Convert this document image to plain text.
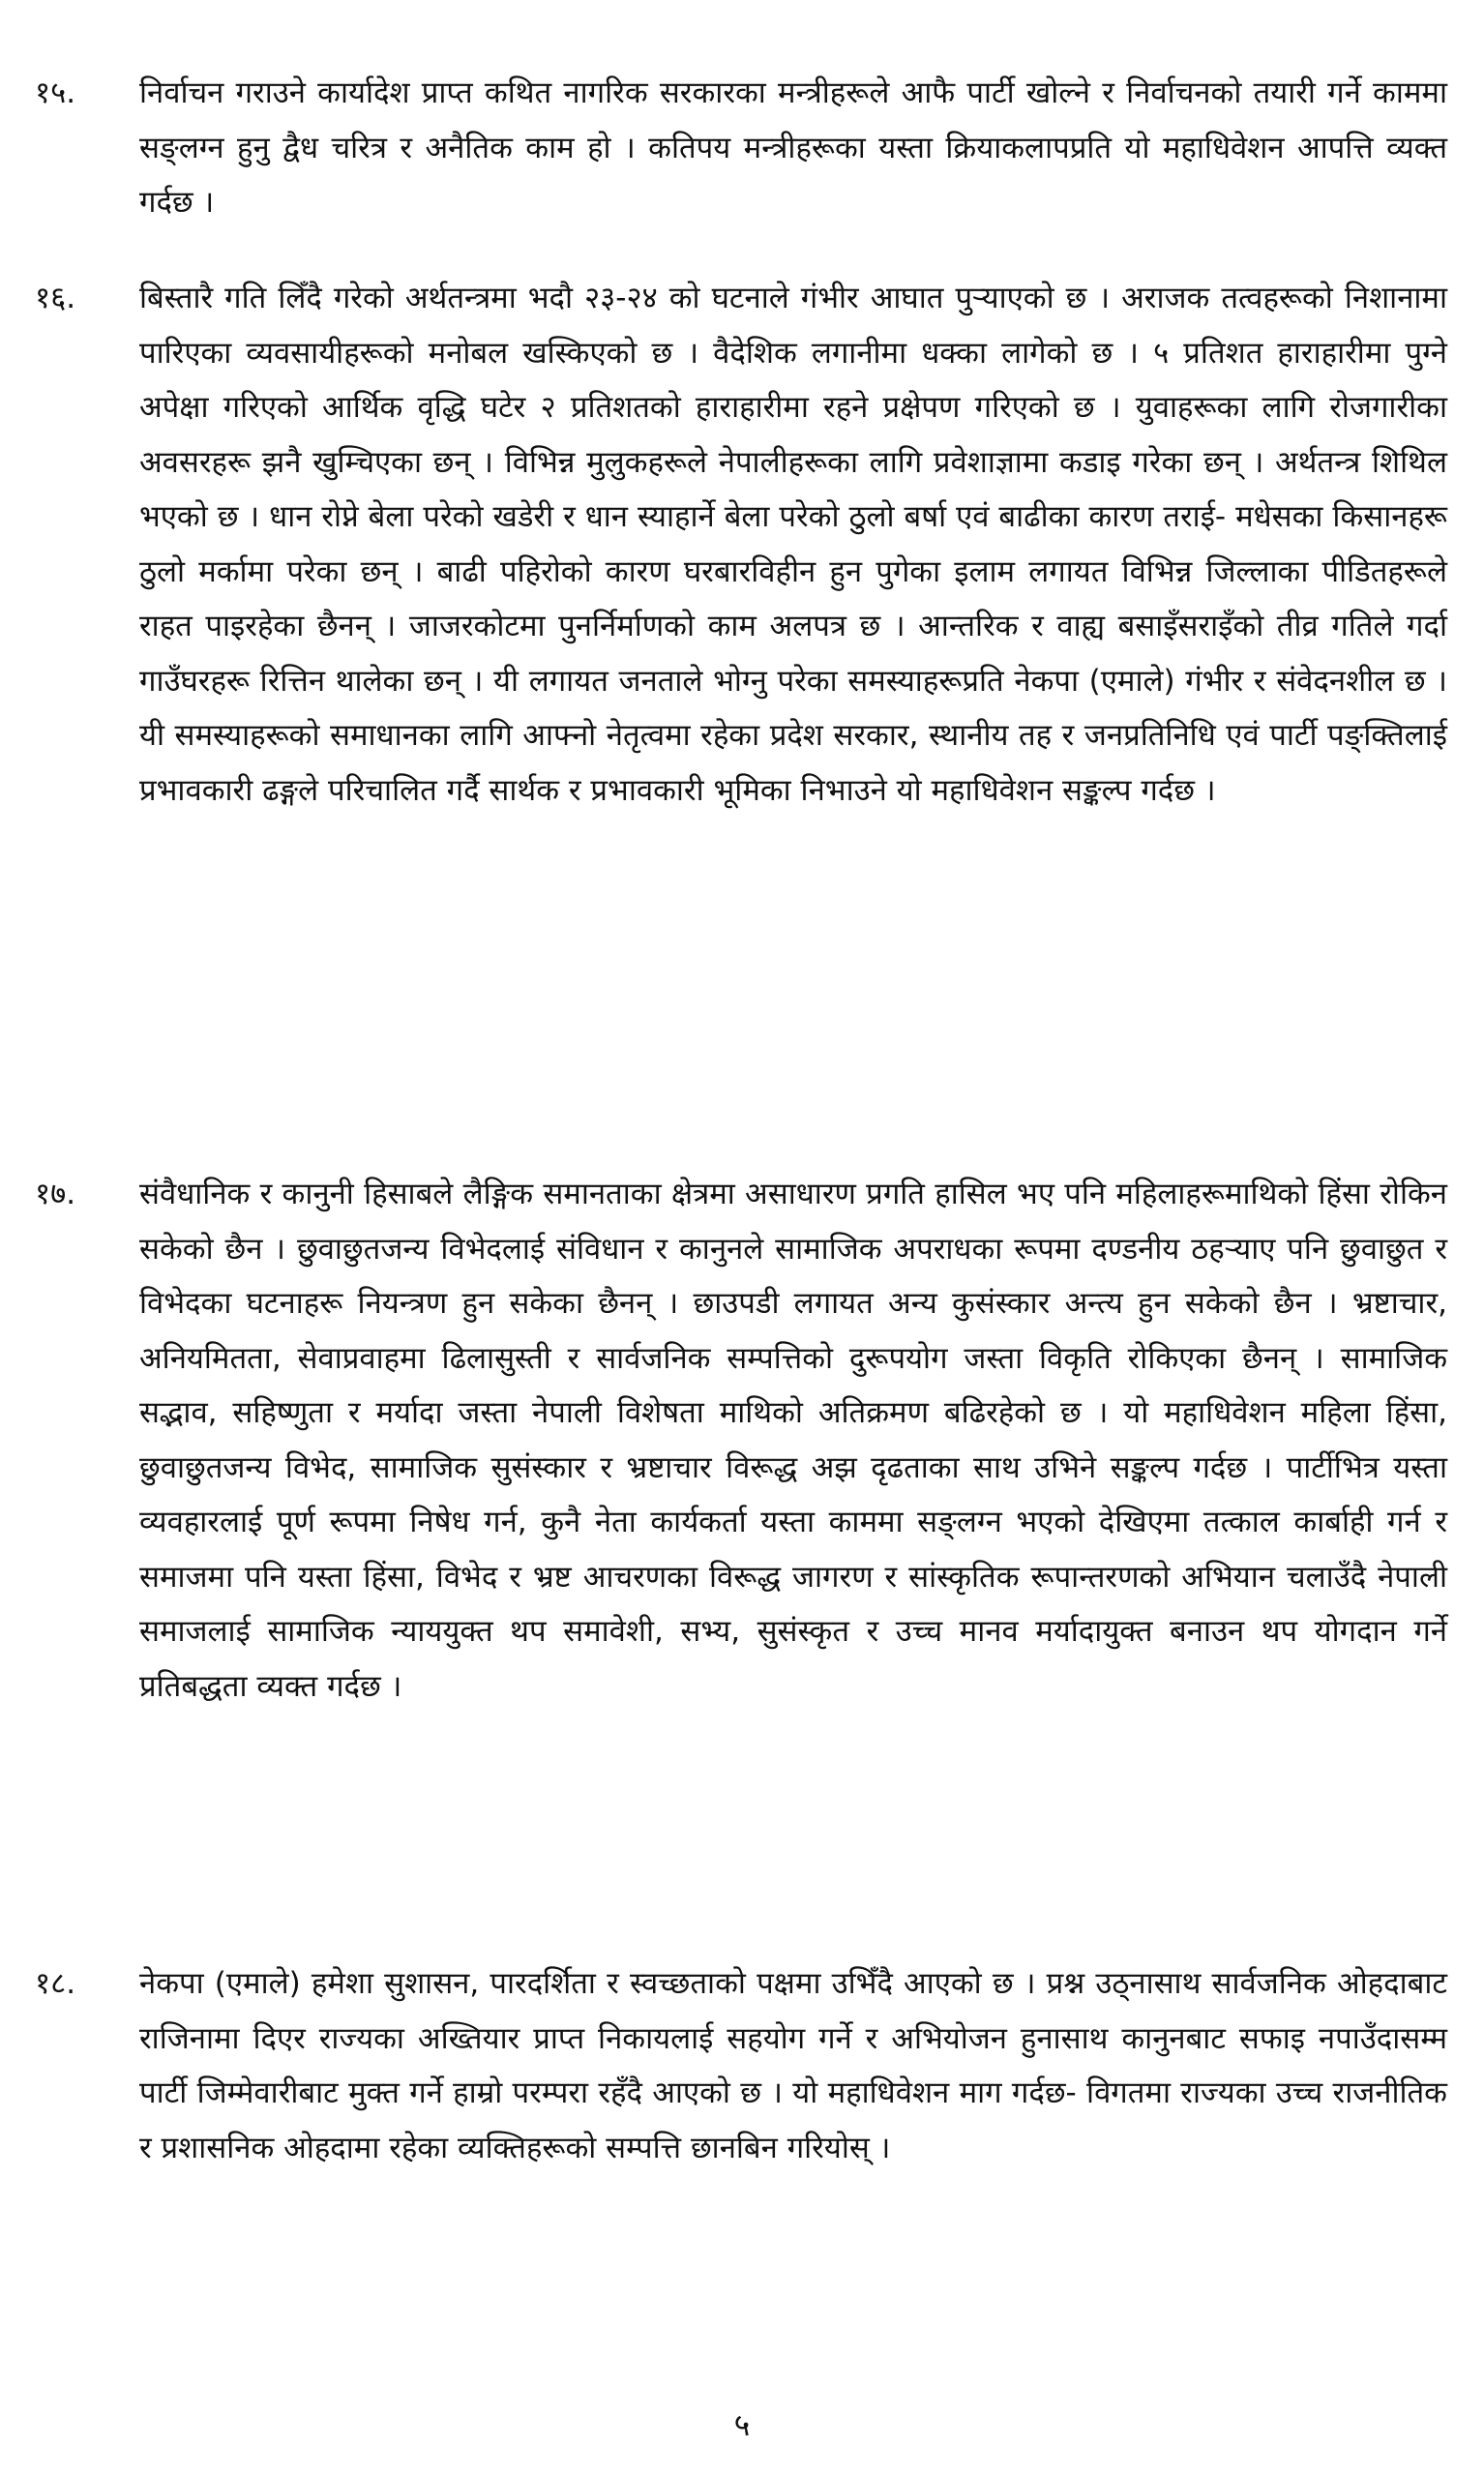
१५.	निर्वाचन गराउने कार्यादेश प्राप्त कथित नागरिक सरकारका मन्त्रीहरूले आफै पार्टी खोल्ने र निर्वाचनको तयारी गर्ने काममा सङ्लग्न हुनु द्वैध चरित्र र अनैतिक काम हो । कतिपय मन्त्रीहरूका यस्ता क्रियाकलापप्रति यो महाधिवेशन आपत्ति व्यक्त गर्दछ ।
१६.	बिस्तारै गति लिँदै गरेको अर्थतन्त्रमा भदौ २३-२४ को घटनाले गंभीर आघात पुर्‍याएको छ । अराजक तत्वहरूको निशानामा पारिएका व्यवसायीहरूको मनोबल खस्किएको छ । वैदेशिक लगानीमा धक्का लागेको छ । ५ प्रतिशत हाराहारीमा पुग्ने अपेक्षा गरिएको आर्थिक वृद्धि घटेर २ प्रतिशतको हाराहारीमा रहने प्रक्षेपण गरिएको छ । युवाहरूका लागि रोजगारीका अवसरहरू झनै खुम्चिएका छन् । विभिन्न मुलुकहरूले नेपालीहरूका लागि प्रवेशाज्ञामा कडाइ गरेका छन् । अर्थतन्त्र शिथिल भएको छ । धान रोप्ने बेला परेको खडेरी र धान स्याहार्ने बेला परेको ठुलो बर्षा एवं बाढीका कारण तराई- मधेसका किसानहरू ठुलो मर्कामा परेका छन् । बाढी पहिरोको कारण घरबारविहीन हुन पुगेका इलाम लगायत विभिन्न जिल्लाका पीडितहरूले राहत पाइरहेका छैनन् । जाजरकोटमा पुनर्निर्माणको काम अलपत्र छ । आन्तरिक र वाह्य बसाइँसराइँको तीव्र गतिले गर्दा गाउँघरहरू रित्तिन थालेका छन् । यी लगायत जनताले भोग्नु परेका समस्याहरूप्रति नेकपा (एमाले) गंभीर र संवेदनशील छ । यी समस्याहरूको समाधानका लागि आफ्नो नेतृत्वमा रहेका प्रदेश सरकार, स्थानीय तह र जनप्रतिनिधि एवं पार्टी पङ्क्तिलाई प्रभावकारी ढङ्गले परिचालित गर्दै सार्थक र प्रभावकारी भूमिका निभाउने यो महाधिवेशन सङ्कल्प गर्दछ ।
१७.	संवैधानिक र कानुनी हिसाबले लैङ्गिक समानताका क्षेत्रमा असाधारण प्रगति हासिल भए पनि महिलाहरूमाथिको हिंसा रोकिन सकेको छैन । छुवाछुतजन्य विभेदलाई संविधान र कानुनले सामाजिक अपराधका रूपमा दण्डनीय ठहऱ्याए पनि छुवाछुत र विभेदका घटनाहरू नियन्त्रण हुन सकेका छैनन् । छाउपडी लगायत अन्य कुसंस्कार अन्त्य हुन सकेको छैन । भ्रष्टाचार, अनियमितता, सेवाप्रवाहमा ढिलासुस्ती र सार्वजनिक सम्पत्तिको दुरूपयोग जस्ता विकृति रोकिएका छैनन् । सामाजिक सद्भाव, सहिष्णुता र मर्यादा जस्ता नेपाली विशेषता माथिको अतिक्रमण बढिरहेको छ । यो महाधिवेशन महिला हिंसा, छुवाछुतजन्य विभेद, सामाजिक सुसंस्कार र भ्रष्टाचार विरूद्ध अझ दृढताका साथ उभिने सङ्कल्प गर्दछ । पार्टीभित्र यस्ता व्यवहारलाई पूर्ण रूपमा निषेध गर्न, कुनै नेता कार्यकर्ता यस्ता काममा सङ्लग्न भएको देखिएमा तत्काल कार्बाही गर्न र समाजमा पनि यस्ता हिंसा, विभेद र भ्रष्ट आचरणका विरूद्ध जागरण र सांस्कृतिक रूपान्तरणको अभियान चलाउँदै नेपाली समाजलाई सामाजिक न्याययुक्त थप समावेशी, सभ्य, सुसंस्कृत र उच्च मानव मर्यादायुक्त बनाउन थप योगदान गर्ने प्रतिबद्धता व्यक्त गर्दछ ।
१८.	नेकपा (एमाले) हमेशा सुशासन, पारदर्शिता र स्वच्छताको पक्षमा उभिँदै आएको छ । प्रश्न उठ्नासाथ सार्वजनिक ओहदाबाट राजिनामा दिएर राज्यका अख्तियार प्राप्त निकायलाई सहयोग गर्ने र अभियोजन हुनासाथ कानुनबाट सफाइ नपाउँदासम्म पार्टी जिम्मेवारीबाट मुक्त गर्ने हाम्रो परम्परा रहँदै आएको छ । यो महाधिवेशन माग गर्दछ- विगतमा राज्यका उच्च राजनीतिक र प्रशासनिक ओहदामा रहेका व्यक्तिहरूको सम्पत्ति छानबिन गरियोस् ।
५
